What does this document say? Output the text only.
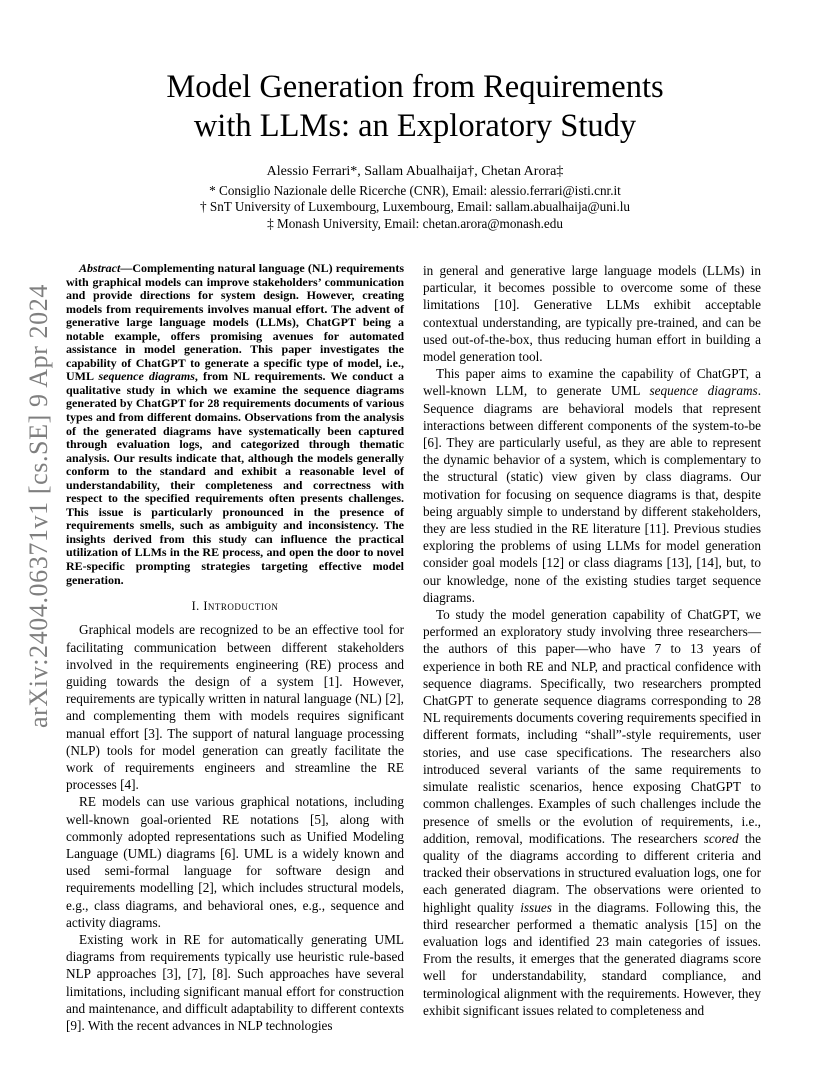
arXiv:2404.06371v1 [cs.SE] 9 Apr 2024
Model Generation from Requirements
with LLMs: an Exploratory Study
Alessio Ferrari*, Sallam Abualhaija†, Chetan Arora‡
* Consiglio Nazionale delle Ricerche (CNR), Email: alessio.ferrari@isti.cnr.it
† SnT University of Luxembourg, Luxembourg, Email: sallam.abualhaija@uni.lu
‡ Monash University, Email: chetan.arora@monash.edu

Abstract—Complementing natural language (NL) requirements with graphical models can improve stakeholders’ communication and provide directions for system design. However, creating models from requirements involves manual effort. The advent of generative large language models (LLMs), ChatGPT being a notable example, offers promising avenues for automated assistance in model generation. This paper investigates the capability of ChatGPT to generate a specific type of model, i.e., UML sequence diagrams, from NL requirements. We conduct a qualitative study in which we examine the sequence diagrams generated by ChatGPT for 28 requirements documents of various types and from different domains. Observations from the analysis of the generated diagrams have systematically been captured through evaluation logs, and categorized through thematic analysis. Our results indicate that, although the models generally conform to the standard and exhibit a reasonable level of understandability, their completeness and correctness with respect to the specified requirements often presents challenges. This issue is particularly pronounced in the presence of requirements smells, such as ambiguity and inconsistency. The insights derived from this study can influence the practical utilization of LLMs in the RE process, and open the door to novel RE-specific prompting strategies targeting effective model generation.

I. Introduction

Graphical models are recognized to be an effective tool for facilitating communication between different stakeholders involved in the requirements engineering (RE) process and guiding towards the design of a system [1]. However, requirements are typically written in natural language (NL) [2], and complementing them with models requires significant manual effort [3]. The support of natural language processing (NLP) tools for model generation can greatly facilitate the work of requirements engineers and streamline the RE processes [4].

RE models can use various graphical notations, including well-known goal-oriented RE notations [5], along with commonly adopted representations such as Unified Modeling Language (UML) diagrams [6]. UML is a widely known and used semi-formal language for software design and requirements modelling [2], which includes structural models, e.g., class diagrams, and behavioral ones, e.g., sequence and activity diagrams.

Existing work in RE for automatically generating UML diagrams from requirements typically use heuristic rule-based NLP approaches [3], [7], [8]. Such approaches have several limitations, including significant manual effort for construction and maintenance, and difficult adaptability to different contexts [9]. With the recent advances in NLP technologies

in general and generative large language models (LLMs) in particular, it becomes possible to overcome some of these limitations [10]. Generative LLMs exhibit acceptable contextual understanding, are typically pre-trained, and can be used out-of-the-box, thus reducing human effort in building a model generation tool.

This paper aims to examine the capability of ChatGPT, a well-known LLM, to generate UML sequence diagrams. Sequence diagrams are behavioral models that represent interactions between different components of the system-to-be [6]. They are particularly useful, as they are able to represent the dynamic behavior of a system, which is complementary to the structural (static) view given by class diagrams. Our motivation for focusing on sequence diagrams is that, despite being arguably simple to understand by different stakeholders, they are less studied in the RE literature [11]. Previous studies exploring the problems of using LLMs for model generation consider goal models [12] or class diagrams [13], [14], but, to our knowledge, none of the existing studies target sequence diagrams.

To study the model generation capability of ChatGPT, we performed an exploratory study involving three researchers—the authors of this paper—who have 7 to 13 years of experience in both RE and NLP, and practical confidence with sequence diagrams. Specifically, two researchers prompted ChatGPT to generate sequence diagrams corresponding to 28 NL requirements documents covering requirements specified in different formats, including “shall”-style requirements, user stories, and use case specifications. The researchers also introduced several variants of the same requirements to simulate realistic scenarios, hence exposing ChatGPT to common challenges. Examples of such challenges include the presence of smells or the evolution of requirements, i.e., addition, removal, modifications. The researchers scored the quality of the diagrams according to different criteria and tracked their observations in structured evaluation logs, one for each generated diagram. The observations were oriented to highlight quality issues in the diagrams. Following this, the third researcher performed a thematic analysis [15] on the evaluation logs and identified 23 main categories of issues. From the results, it emerges that the generated diagrams score well for understandability, standard compliance, and terminological alignment with the requirements. However, they exhibit significant issues related to completeness and
